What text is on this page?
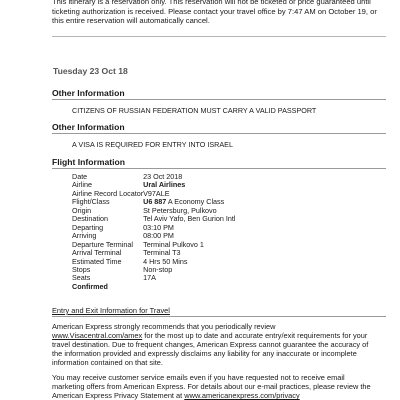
This itinerary is a reservation only. This reservation will not be ticketed or price guaranteed until
ticketing authorization is received. Please contact your travel office by 7:47 AM on October 19, or
this entire reservation will automatically cancel.
Tuesday 23 Oct 18
Other Information
CITIZENS OF RUSSIAN FEDERATION MUST CARRY A VALID PASSPORT
Other Information
A VISA IS REQUIRED FOR ENTRY INTO ISRAEL
Flight Information
Date	23 Oct 2018
Airline	Ural Airlines
Airline Record Locator	V97ALE
Flight/Class	U6 887 A Economy Class
Origin	St Petersburg, Pulkovo
Destination	Tel Aviv Yafo, Ben Gurion Intl
Departing	03:10 PM
Arriving	08:00 PM
Departure Terminal	Terminal Pulkovo 1
Arrival Terminal	Terminal T3
Estimated Time	4 Hrs 50 Mins
Stops	Non-stop
Seats	17A
Confirmed	
Entry and Exit Information for Travel
American Express strongly recommends that you periodically review
www.Visacentral.com/amex for the most up to date and accurate entry/exit requirements for your
travel destination. Due to frequent changes, American Express cannot guarantee the accuracy of
the information provided and expressly disclaims any liability for any inaccurate or incomplete
information contained on that site.
You may receive customer service emails even if you have requested not to receive email
marketing offers from American Express. For details about our e-mail practices, please review the
American Express Privacy Statement at www.americanexpress.com/privacy
